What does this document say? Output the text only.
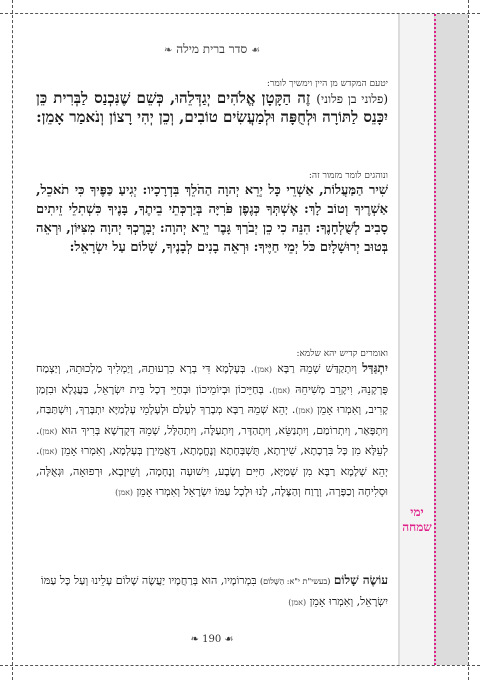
ימי
שמחה
☙ סדר ברית מילה ❧
יטעם המקדש מן היין וימשיך לומר:
(פלוני בן פלוני) זֶה הַקָּטָן אֱלֹהִים יְגַדְּלֵהוּ, כְּשֵׁם שֶׁנִּכְנַס לַבְּרִית כֵּן יִכָּנֵס לַתּוֹרָה וּלְחֻפָּה וּלְמַעֲשִׂים טוֹבִים, וְכֵן יְהִי רָצוֹן וְנֹאמַר אָמֵן:
ונוהגים לומר מזמור זה:
שִׁיר הַמַּעֲלוֹת, אַשְׁרֵי כָּל יְרֵא יְהוָה הַהֹלֵךְ בִּדְרָכָיו: יְגִיעַ כַּפֶּיךָ כִּי תֹאכֵל, אַשְׁרֶיךָ וְטוֹב לָךְ: אֶשְׁתְּךָ כְּגֶפֶן פֹּרִיָּה בְּיַרְכְּתֵי בֵיתֶךָ, בָּנֶיךָ כִּשְׁתִלֵי זֵיתִים סָבִיב לְשֻׁלְחָנֶךָ: הִנֵּה כִי כֵן יְבֹרַךְ גָּבֶר יְרֵא יְהוָה: יְבָרֶכְךָ יְהוָה מִצִּיּוֹן, וּרְאֵה בְּטוּב יְרוּשָׁלָיִם כֹּל יְמֵי חַיֶּיךָ: וּרְאֵה בָנִים לְבָנֶיךָ, שָׁלוֹם עַל יִשְׂרָאֵל:
ואומרים קדיש יהא שלמא:
יִתְגַּדַּל וְיִתְקַדַּשׁ שְׁמֵהּ רַבָּא (אמן). בְּעָלְמָא דִּי בְרָא כִרְעוּתֵהּ, וְיַמְלִיךְ מַלְכוּתֵהּ, וְיַצְמַח פֻּרְקָנֵהּ, וִיקָרֵב מְשִׁיחֵהּ (אמן). בְּחַיֵּיכוֹן וּבְיוֹמֵיכוֹן וּבְחַיֵּי דְכָל בֵּית יִשְׂרָאֵל, בַּעֲגָלָא וּבִזְמַן קָרִיב, וְאִמְרוּ אָמֵן (אמן). יְהֵא שְׁמֵהּ רַבָּא מְבָרַךְ לְעָלַם וּלְעָלְמֵי עָלְמַיָּא יִתְבָּרַךְ, וְיִשְׁתַּבַּח, וְיִתְפָּאַר, וְיִתְרוֹמַם, וְיִתְנַשֵּׂא, וְיִתְהַדָּר, וְיִתְעַלֶּה, וְיִתְהַלָּל, שְׁמֵהּ דְּקֻדְשָׁא בְּרִיךְ הוּא (אמן). לְעֵלָּא מִן כָּל בִּרְכָתָא, שִׁירָתָא, תֻּשְׁבְּחָתָא וְנֶחֱמָתָא, דַּאֲמִירָן בְּעָלְמָא, וְאִמְרוּ אָמֵן (אמן). יְהֵא שְׁלָמָא רַבָּא מִן שְׁמַיָּא, חַיִּים וְשָׂבָע, וִישׁוּעָה וְנֶחָמָה, וְשֵׁיזָבָא, וּרְפוּאָה, וּגְאֻלָּה, וּסְלִיחָה וְכַפָּרָה, וְרֶוַח וְהַצָּלָה, לָנוּ וּלְכָל עַמּוֹ יִשְׂרָאֵל וְאִמְרוּ אָמֵן (אמן)
עוֹשֶׂה שָׁלוֹם (בעשי"ת י"א: הַשָּׁלוֹם) בִּמְרוֹמָיו, הוּא בְּרַחֲמָיו יַעֲשֶׂה שָׁלוֹם עָלֵינוּ וְעַל כָּל עַמּוֹ יִשְׂרָאֵל, וְאִמְרוּ אָמֵן (אמן)
☙ 190 ❧
